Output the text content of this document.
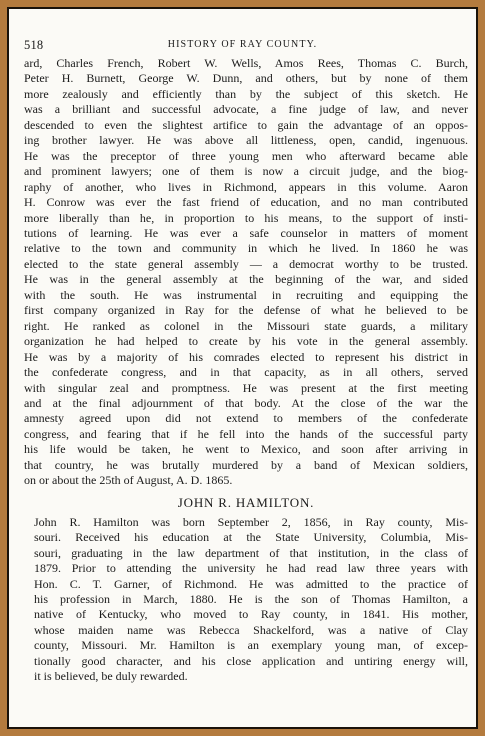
518	HISTORY OF RAY COUNTY.

ard, Charles French, Robert W. Wells, Amos Rees, Thomas C. Burch,
Peter H. Burnett, George W. Dunn, and others, but by none of them
more zealously and efficiently than by the subject of this sketch. He
was a brilliant and successful advocate, a fine judge of law, and never
descended to even the slightest artifice to gain the advantage of an oppos-
ing brother lawyer. He was above all littleness, open, candid, ingenuous.
He was the preceptor of three young men who afterward became able
and prominent lawyers; one of them is now a circuit judge, and the biog-
raphy of another, who lives in Richmond, appears in this volume. Aaron
H. Conrow was ever the fast friend of education, and no man contributed
more liberally than he, in proportion to his means, to the support of insti-
tutions of learning. He was ever a safe counselor in matters of moment
relative to the town and community in which he lived. In 1860 he was
elected to the state general assembly — a democrat worthy to be trusted.
He was in the general assembly at the beginning of the war, and sided
with the south. He was instrumental in recruiting and equipping the
first company organized in Ray for the defense of what he believed to be
right. He ranked as colonel in the Missouri state guards, a military
organization he had helped to create by his vote in the general assembly.
He was by a majority of his comrades elected to represent his district in
the confederate congress, and in that capacity, as in all others, served
with singular zeal and promptness. He was present at the first meeting
and at the final adjournment of that body. At the close of the war the
amnesty agreed upon did not extend to members of the confederate
congress, and fearing that if he fell into the hands of the successful party
his life would be taken, he went to Mexico, and soon after arriving in
that country, he was brutally murdered by a band of Mexican soldiers,
on or about the 25th of August, A. D. 1865.

JOHN R. HAMILTON.

John R. Hamilton was born September 2, 1856, in Ray county, Mis-
souri. Received his education at the State University, Columbia, Mis-
souri, graduating in the law department of that institution, in the class of
1879. Prior to attending the university he had read law three years with
Hon. C. T. Garner, of Richmond. He was admitted to the practice of
his profession in March, 1880. He is the son of Thomas Hamilton, a
native of Kentucky, who moved to Ray county, in 1841. His mother,
whose maiden name was Rebecca Shackelford, was a native of Clay
county, Missouri. Mr. Hamilton is an exemplary young man, of excep-
tionally good character, and his close application and untiring energy will,
it is believed, be duly rewarded.
